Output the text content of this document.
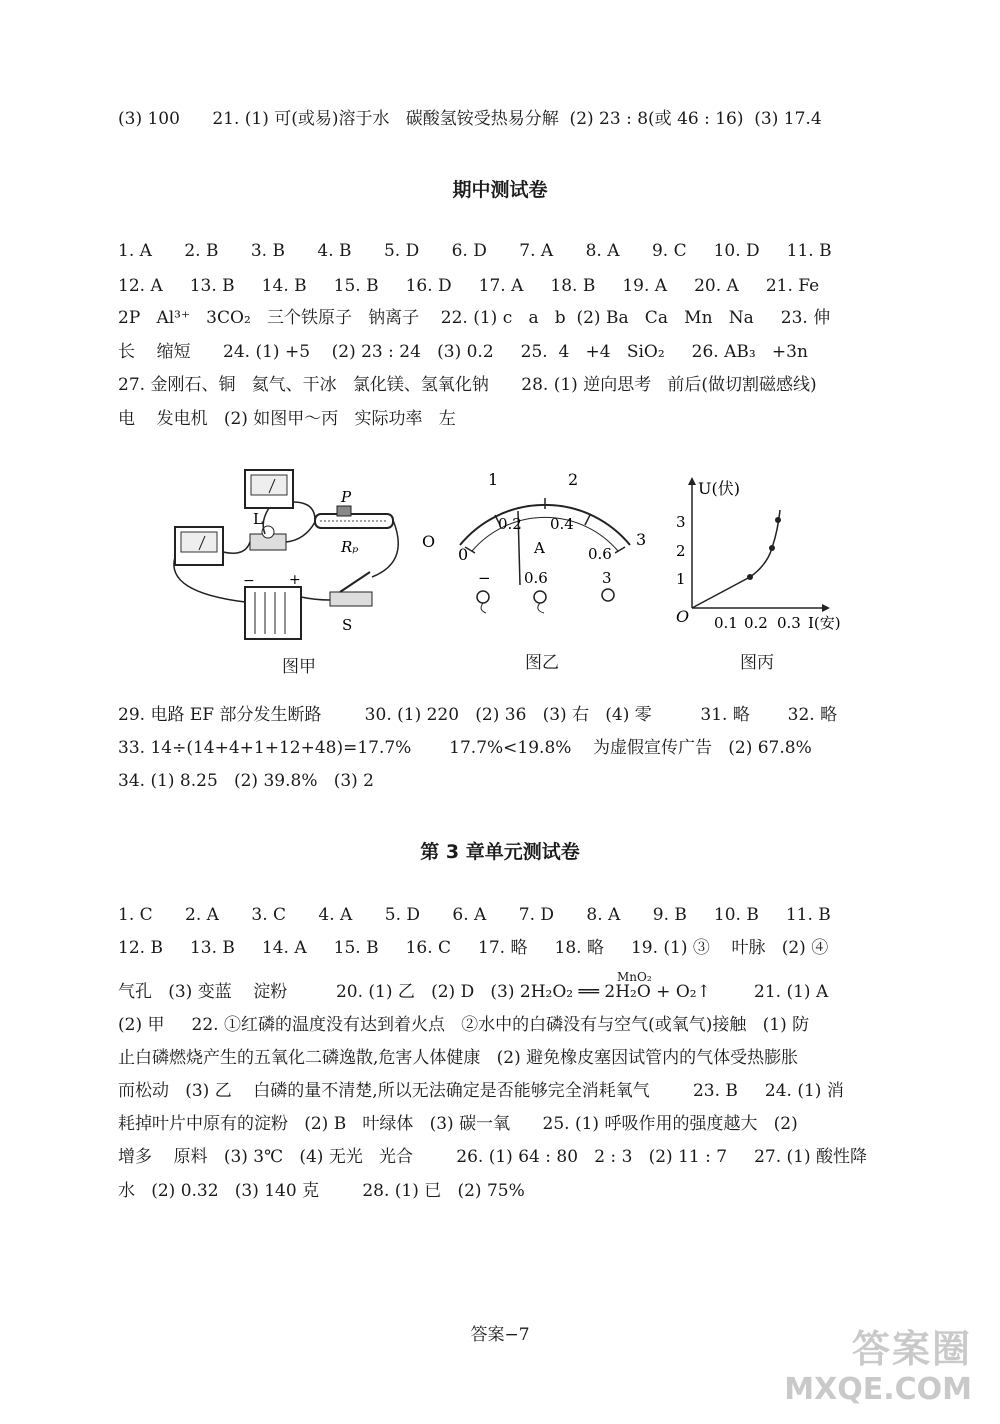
(3) 100      21. (1) 可(或易)溶于水   碳酸氢铵受热易分解  (2) 23 : 8(或 46 : 16)  (3) 17.4
期中测试卷
1. A      2. B      3. B      4. B      5. D      6. D      7. A      8. A      9. C     10. D     11. B
12. A     13. B     14. B     15. B     16. D     17. A     18. B     19. A     20. A     21. Fe
2P   Al³⁺   3CO₂   三个铁原子   钠离子    22. (1) c   a   b  (2) Ba   Ca   Mn   Na     23. 伸
长    缩短      24. (1) +5    (2) 23 : 24   (3) 0.2     25.  4   +4   SiO₂     26. AB₃   +3n
27. 金刚石、铜   氦气、干冰   氯化镁、氢氧化钠      28. (1) 逆向思考   前后(做切割磁感线)
电    发电机   (2) 如图甲～丙   实际功率   左
L
P
Rₚ
− +
S
图甲
O
1	2
3
0
0.2 0.4
0.6
A
− 0.6	3
图乙
U(伏)
O
1
2
3
0.1 0.2 0.3 I(安)
图丙
29. 电路 EF 部分发生断路        30. (1) 220   (2) 36   (3) 右   (4) 零         31. 略       32. 略
33. 14÷(14+4+1+12+48)=17.7%       17.7%<19.8%    为虚假宣传广告   (2) 67.8%
34. (1) 8.25   (2) 39.8%   (3) 2
第 3 章单元测试卷
1. C      2. A      3. C      4. A      5. D      6. A      7. D      8. A      9. B     10. B     11. B
12. B     13. B     14. A     15. B     16. C     17. 略     18. 略     19. (1) ③    叶脉   (2) ④
气孔   (3) 变蓝    淀粉         20. (1) 乙   (2) D   (3) 2H₂O₂ ══ 2H₂O + O₂↑        21. (1) A
MnO₂
(2) 甲     22. ①红磷的温度没有达到着火点   ②水中的白磷没有与空气(或氧气)接触   (1) 防
止白磷燃烧产生的五氧化二磷逸散,危害人体健康   (2) 避免橡皮塞因试管内的气体受热膨胀
而松动   (3) 乙    白磷的量不清楚,所以无法确定是否能够完全消耗氧气        23. B     24. (1) 消
耗掉叶片中原有的淀粉   (2) B   叶绿体   (3) 碳一氧      25. (1) 呼吸作用的强度越大   (2)
增多    原料   (3) 3℃   (4) 无光   光合        26. (1) 64 : 80   2 : 3   (2) 11 : 7     27. (1) 酸性降
水   (2) 0.32   (3) 140 克        28. (1) 已   (2) 75%
答案−7	答案圈
MXQE.COM
